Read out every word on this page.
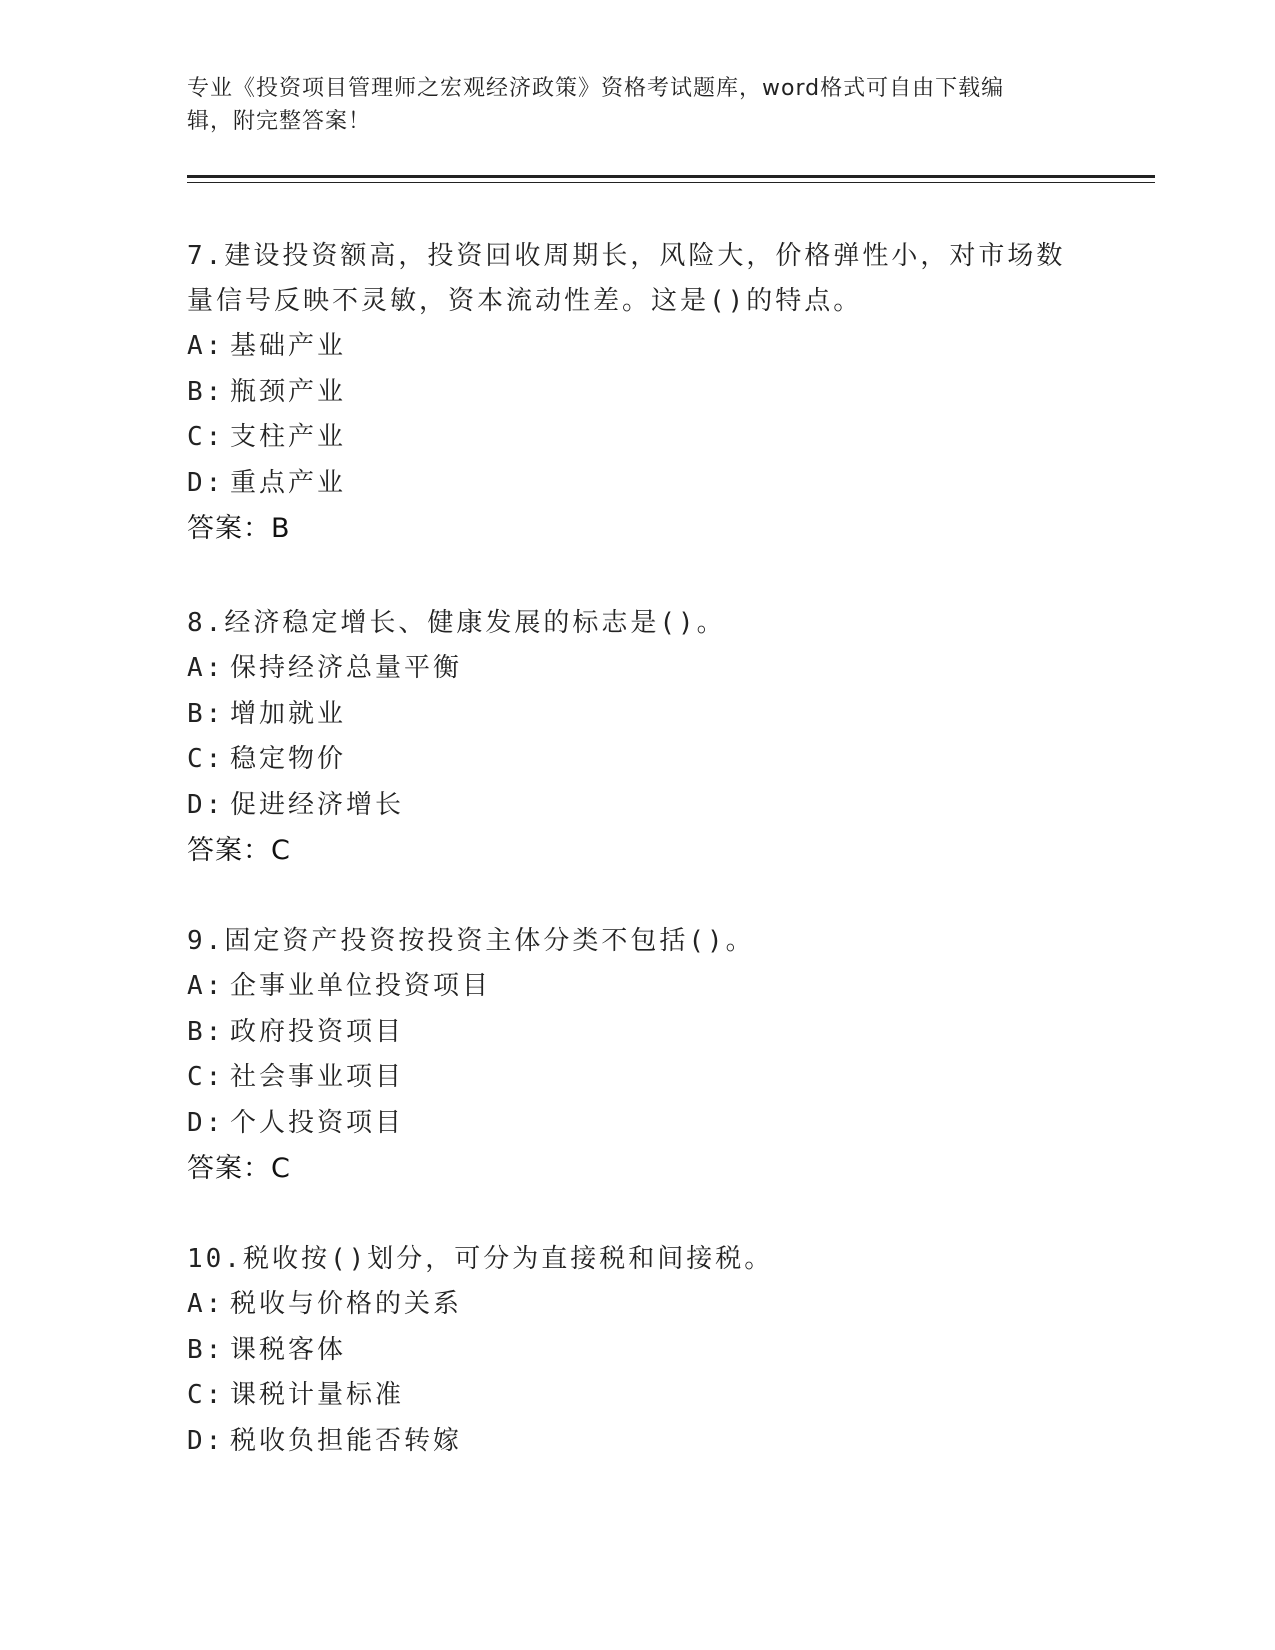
专业《投资项目管理师之宏观经济政策》资格考试题库，word格式可自由下载编
辑，附完整答案！

7.建设投资额高，投资回收周期长，风险大，价格弹性小，对市场数

量信号反映不灵敏，资本流动性差。这是()的特点。

A: 基础产业

B: 瓶颈产业

C: 支柱产业

D: 重点产业

答案：B

8.经济稳定增长、健康发展的标志是()。

A: 保持经济总量平衡

B: 增加就业

C: 稳定物价

D: 促进经济增长

答案：C

9.固定资产投资按投资主体分类不包括()。

A: 企事业单位投资项目

B: 政府投资项目

C: 社会事业项目

D: 个人投资项目

答案：C

10.税收按()划分，可分为直接税和间接税。

A: 税收与价格的关系

B: 课税客体

C: 课税计量标准

D: 税收负担能否转嫁
